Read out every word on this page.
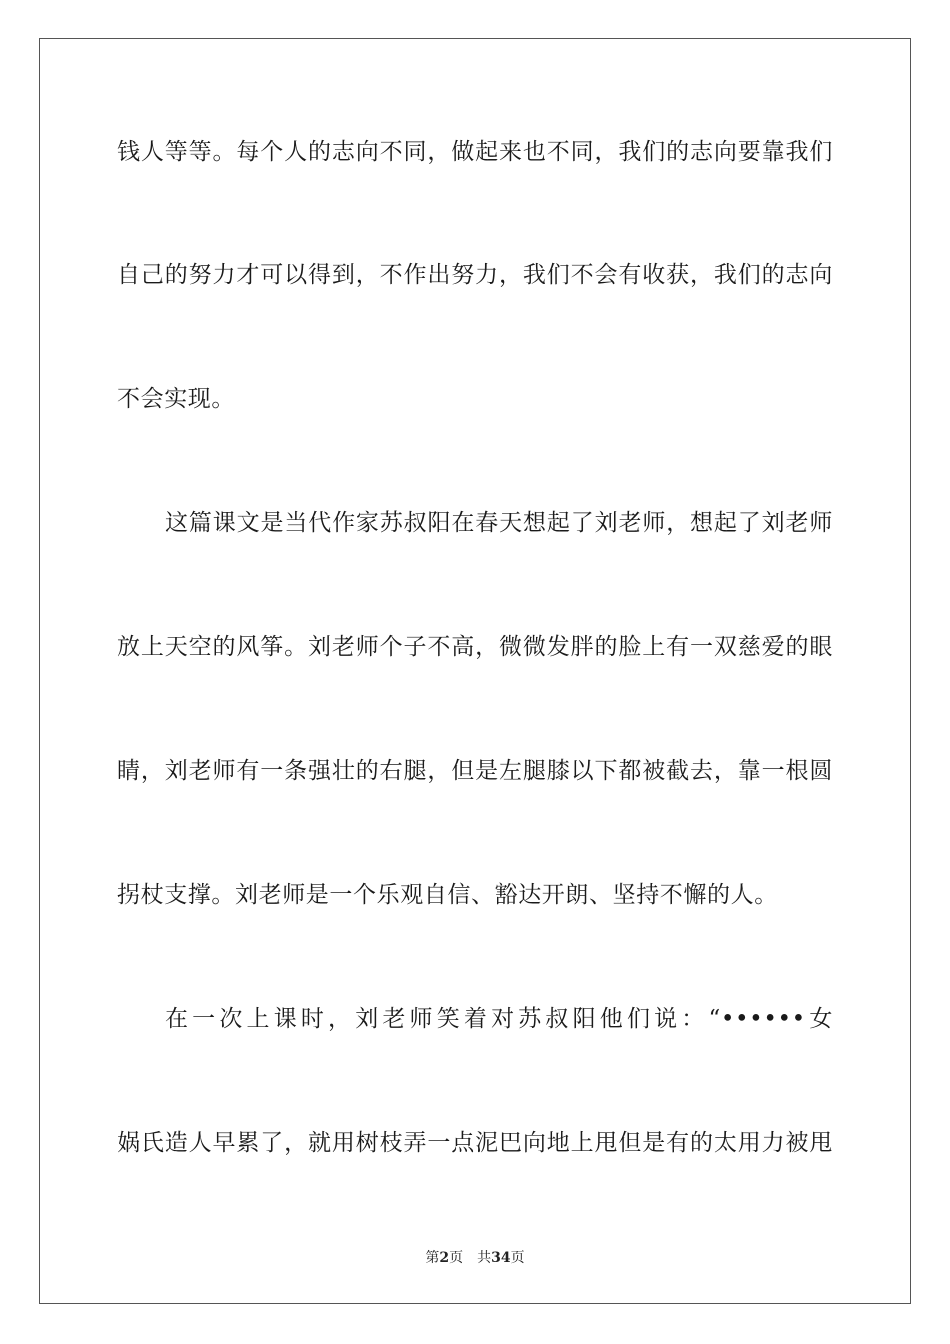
钱人等等。每个人的志向不同，做起来也不同，我们的志向要靠我们
自己的努力才可以得到，不作出努力，我们不会有收获，我们的志向
不会实现。
这篇课文是当代作家苏叔阳在春天想起了刘老师，想起了刘老师
放上天空的风筝。刘老师个子不高，微微发胖的脸上有一双慈爱的眼
睛，刘老师有一条强壮的右腿，但是左腿膝以下都被截去，靠一根圆
拐杖支撑。刘老师是一个乐观自信、豁达开朗、坚持不懈的人。
在一次上课时，刘老师笑着对苏叔阳他们说：“••••••女
娲氏造人早累了，就用树枝弄一点泥巴向地上甩但是有的太用力被甩
第2页 共34页
